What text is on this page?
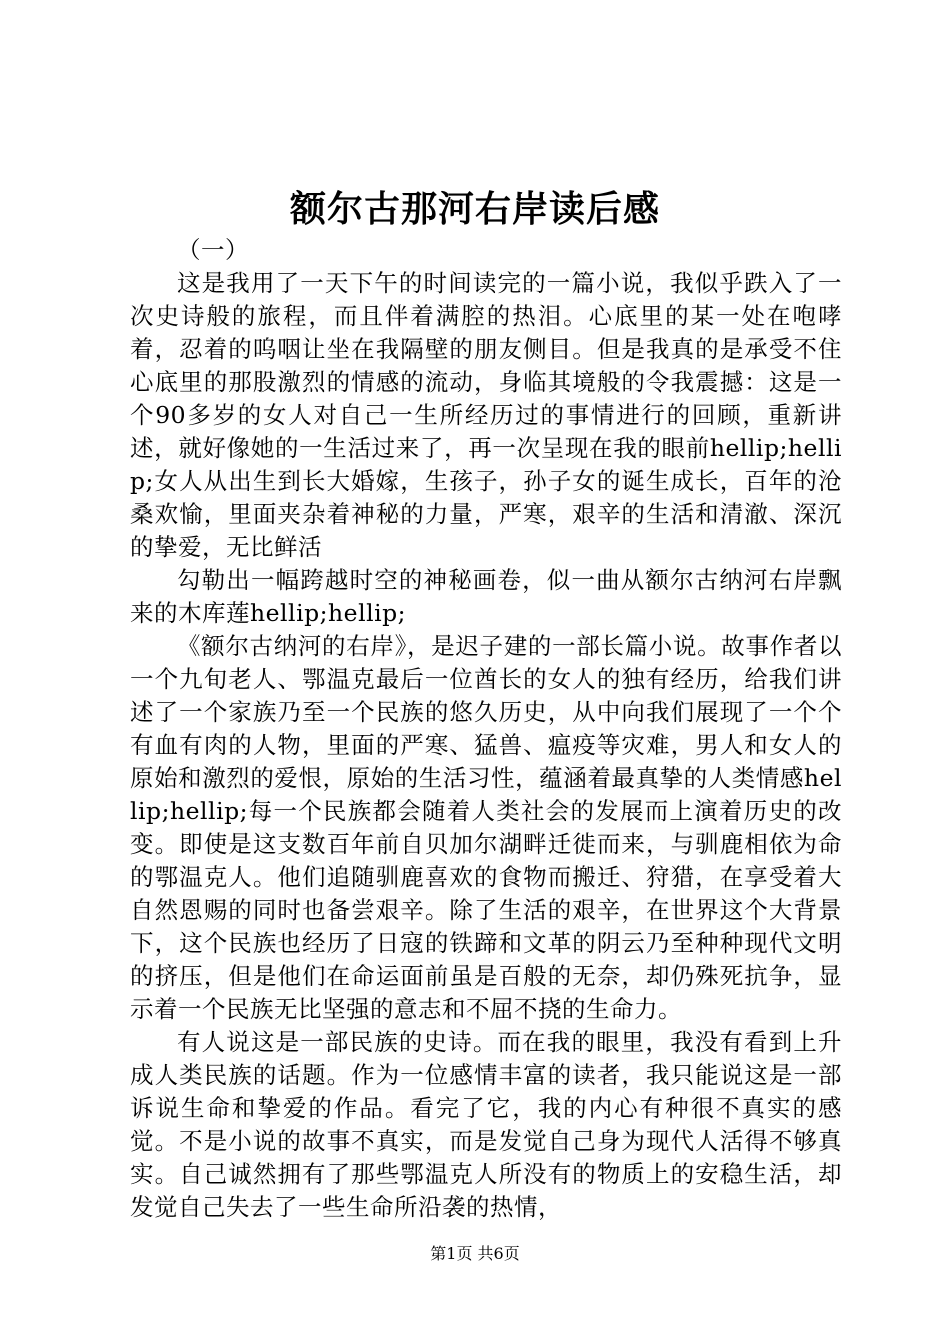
额尔古那河右岸读后感

（一）

这是我用了一天下午的时间读完的一篇小说，我似乎跌入了一次史诗般的旅程，而且伴着满腔的热泪。心底里的某一处在咆哮着，忍着的呜咽让坐在我隔壁的朋友侧目。但是我真的是承受不住心底里的那股激烈的情感的流动，身临其境般的令我震撼：这是一个90多岁的女人对自己一生所经历过的事情进行的回顾，重新讲述，就好像她的一生活过来了，再一次呈现在我的眼前hellip;hellip;女人从出生到长大婚嫁，生孩子，孙子女的诞生成长，百年的沧桑欢愉，里面夹杂着神秘的力量，严寒，艰辛的生活和清澈、深沉的挚爱，无比鲜活

勾勒出一幅跨越时空的神秘画卷，似一曲从额尔古纳河右岸飘来的木库莲hellip;hellip;

《额尔古纳河的右岸》，是迟子建的一部长篇小说。故事作者以一个九旬老人、鄂温克最后一位酋长的女人的独有经历，给我们讲述了一个家族乃至一个民族的悠久历史，从中向我们展现了一个个有血有肉的人物，里面的严寒、猛兽、瘟疫等灾难，男人和女人的原始和激烈的爱恨，原始的生活习性，蕴涵着最真挚的人类情感hellip;hellip;每一个民族都会随着人类社会的发展而上演着历史的改变。即使是这支数百年前自贝加尔湖畔迁徙而来，与驯鹿相依为命的鄂温克人。他们追随驯鹿喜欢的食物而搬迁、狩猎，在享受着大自然恩赐的同时也备尝艰辛。除了生活的艰辛，在世界这个大背景下，这个民族也经历了日寇的铁蹄和文革的阴云乃至种种现代文明的挤压，但是他们在命运面前虽是百般的无奈，却仍殊死抗争，显示着一个民族无比坚强的意志和不屈不挠的生命力。

有人说这是一部民族的史诗。而在我的眼里，我没有看到上升成人类民族的话题。作为一位感情丰富的读者，我只能说这是一部诉说生命和挚爱的作品。看完了它，我的内心有种很不真实的感觉。不是小说的故事不真实，而是发觉自己身为现代人活得不够真实。自己诚然拥有了那些鄂温克人所没有的物质上的安稳生活，却发觉自己失去了一些生命所沿袭的热情，

第1页 共6页
